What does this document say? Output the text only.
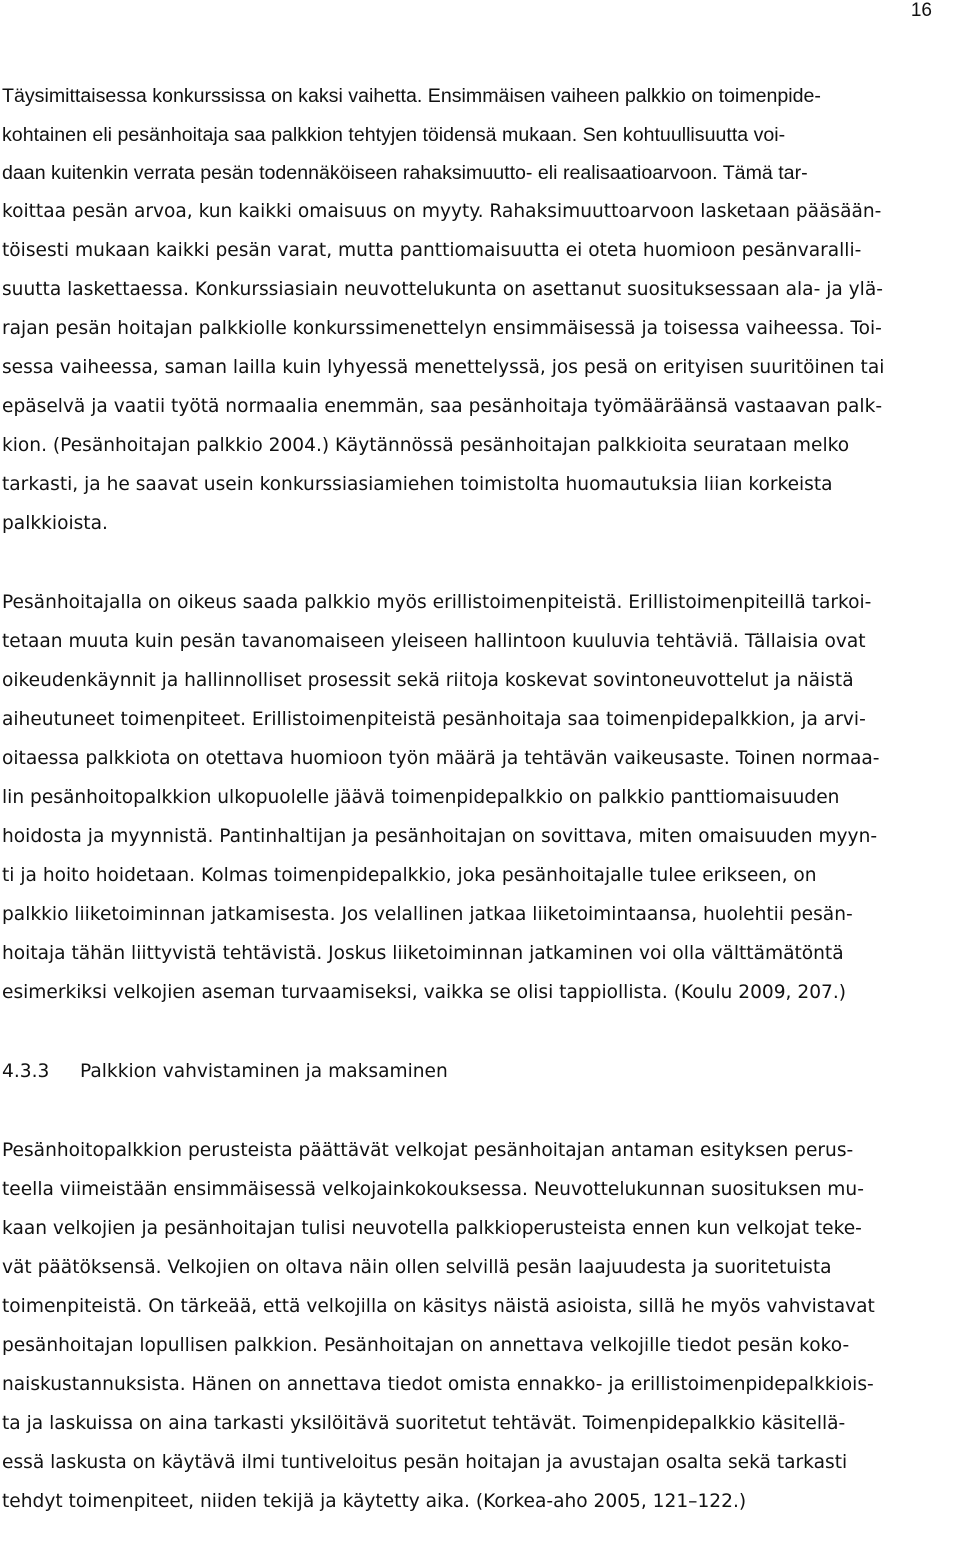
16
Täysimittaisessa konkurssissa on kaksi vaihetta. Ensimmäisen vaiheen palkkio on toimenpide-
kohtainen eli pesänhoitaja saa palkkion tehtyjen töidensä mukaan. Sen kohtuullisuutta voi-
daan kuitenkin verrata pesän todennäköiseen rahaksimuutto- eli realisaatioarvoon. Tämä tar-
koittaa pesän arvoa, kun kaikki omaisuus on myyty. Rahaksimuuttoarvoon lasketaan pääsään-
töisesti mukaan kaikki pesän varat, mutta panttiomaisuutta ei oteta huomioon pesänvaralli-
suutta laskettaessa. Konkurssiasiain neuvottelukunta on asettanut suosituksessaan ala- ja ylä-
rajan pesän hoitajan palkkiolle konkurssimenettelyn ensimmäisessä ja toisessa vaiheessa. Toi-
sessa vaiheessa, saman lailla kuin lyhyessä menettelyssä, jos pesä on erityisen suuritöinen tai
epäselvä ja vaatii työtä normaalia enemmän, saa pesänhoitaja työmääräänsä vastaavan palk-
kion. (Pesänhoitajan palkkio 2004.) Käytännössä pesänhoitajan palkkioita seurataan melko
tarkasti, ja he saavat usein konkurssiasiamiehen toimistolta huomautuksia liian korkeista
palkkioista.
Pesänhoitajalla on oikeus saada palkkio myös erillistoimenpiteistä. Erillistoimenpiteillä tarkoi-
tetaan muuta kuin pesän tavanomaiseen yleiseen hallintoon kuuluvia tehtäviä. Tällaisia ovat
oikeudenkäynnit ja hallinnolliset prosessit sekä riitoja koskevat sovintoneuvottelut ja näistä
aiheutuneet toimenpiteet. Erillistoimenpiteistä pesänhoitaja saa toimenpidepalkkion, ja arvi-
oitaessa palkkiota on otettava huomioon työn määrä ja tehtävän vaikeusaste. Toinen normaa-
lin pesänhoitopalkkion ulkopuolelle jäävä toimenpidepalkkio on palkkio panttiomaisuuden
hoidosta ja myynnistä. Pantinhaltijan ja pesänhoitajan on sovittava, miten omaisuuden myyn-
ti ja hoito hoidetaan. Kolmas toimenpidepalkkio, joka pesänhoitajalle tulee erikseen, on
palkkio liiketoiminnan jatkamisesta. Jos velallinen jatkaa liiketoimintaansa, huolehtii pesän-
hoitaja tähän liittyvistä tehtävistä. Joskus liiketoiminnan jatkaminen voi olla välttämätöntä
esimerkiksi velkojien aseman turvaamiseksi, vaikka se olisi tappiollista. (Koulu 2009, 207.)
4.3.3 Palkkion vahvistaminen ja maksaminen
Pesänhoitopalkkion perusteista päättävät velkojat pesänhoitajan antaman esityksen perus-
teella viimeistään ensimmäisessä velkojainkokouksessa. Neuvottelukunnan suosituksen mu-
kaan velkojien ja pesänhoitajan tulisi neuvotella palkkioperusteista ennen kun velkojat teke-
vät päätöksensä. Velkojien on oltava näin ollen selvillä pesän laajuudesta ja suoritetuista
toimenpiteistä. On tärkeää, että velkojilla on käsitys näistä asioista, sillä he myös vahvistavat
pesänhoitajan lopullisen palkkion. Pesänhoitajan on annettava velkojille tiedot pesän koko-
naiskustannuksista. Hänen on annettava tiedot omista ennakko- ja erillistoimenpidepalkkiois-
ta ja laskuissa on aina tarkasti yksilöitävä suoritetut tehtävät. Toimenpidepalkkio käsitellä-
essä laskusta on käytävä ilmi tuntiveloitus pesän hoitajan ja avustajan osalta sekä tarkasti
tehdyt toimenpiteet, niiden tekijä ja käytetty aika. (Korkea-aho 2005, 121–122.)
